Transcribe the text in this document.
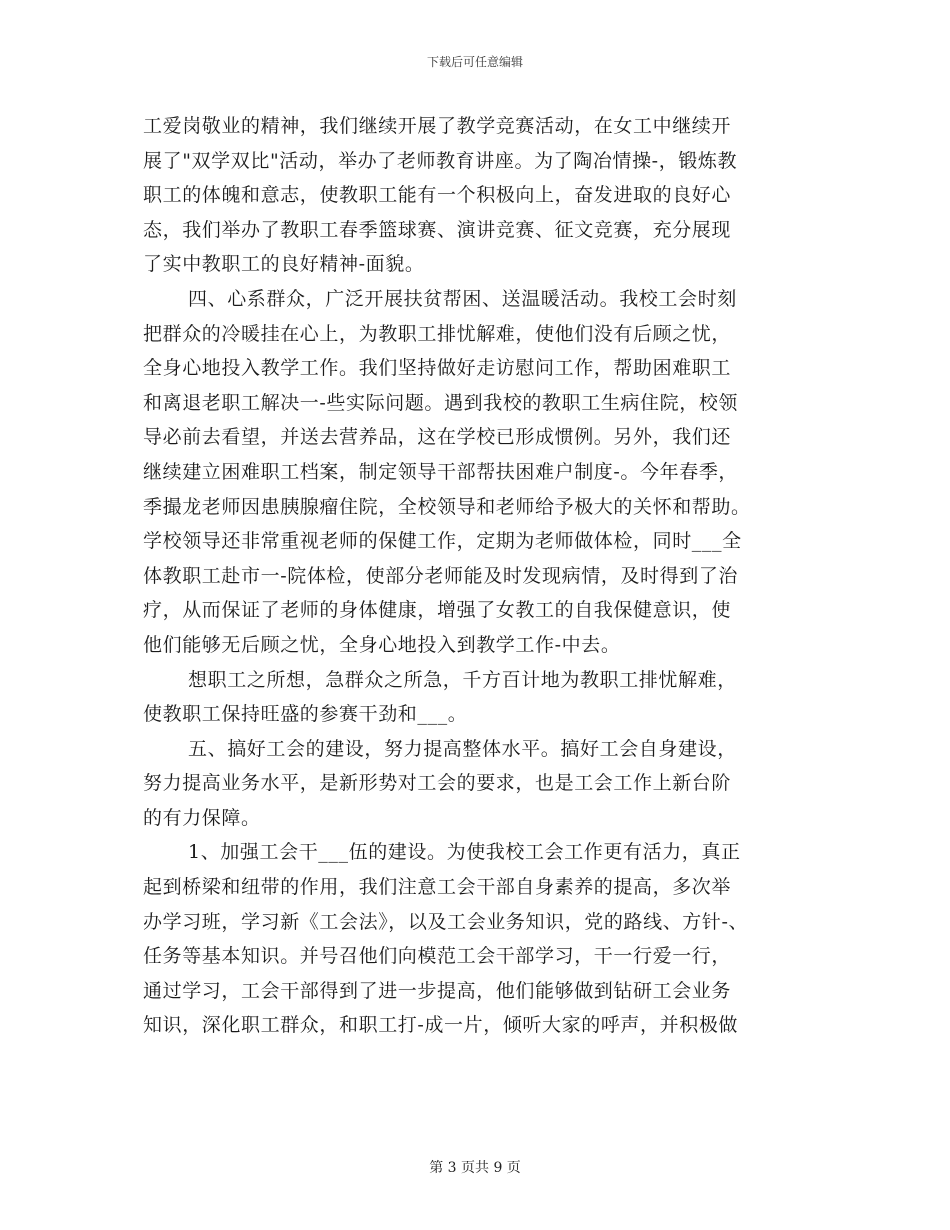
下载后可任意编辑
工爱岗敬业的精神，我们继续开展了教学竞赛活动，在女工中继续开
展了"双学双比"活动，举办了老师教育讲座。为了陶冶情操-，锻炼教
职工的体魄和意志，使教职工能有一个积极向上，奋发进取的良好心
态，我们举办了教职工春季篮球赛、演讲竞赛、征文竞赛，充分展现
了实中教职工的良好精神-面貌。
四、心系群众，广泛开展扶贫帮困、送温暖活动。我校工会时刻
把群众的冷暖挂在心上，为教职工排忧解难，使他们没有后顾之忧，
全身心地投入教学工作。我们坚持做好走访慰问工作，帮助困难职工
和离退老职工解决一-些实际问题。遇到我校的教职工生病住院，校领
导必前去看望，并送去营养品，这在学校已形成惯例。另外，我们还
继续建立困难职工档案，制定领导干部帮扶困难户制度-。今年春季，
季撮龙老师因患胰腺瘤住院，全校领导和老师给予极大的关怀和帮助。
学校领导还非常重视老师的保健工作，定期为老师做体检，同时___全
体教职工赴市一-院体检，使部分老师能及时发现病情，及时得到了治
疗，从而保证了老师的身体健康，增强了女教工的自我保健意识，使
他们能够无后顾之忧，全身心地投入到教学工作-中去。
想职工之所想，急群众之所急，千方百计地为教职工排忧解难，
使教职工保持旺盛的参赛干劲和___。
五、搞好工会的建设，努力提高整体水平。搞好工会自身建设，
努力提高业务水平，是新形势对工会的要求，也是工会工作上新台阶
的有力保障。
1、加强工会干___伍的建设。为使我校工会工作更有活力，真正
起到桥梁和纽带的作用，我们注意工会干部自身素养的提高，多次举
办学习班，学习新《工会法》，以及工会业务知识，党的路线、方针-、
任务等基本知识。并号召他们向模范工会干部学习，干一行爱一行，
通过学习，工会干部得到了进一步提高，他们能够做到钻研工会业务
知识，深化职工群众，和职工打-成一片，倾听大家的呼声，并积极做
第 3 页共 9 页
